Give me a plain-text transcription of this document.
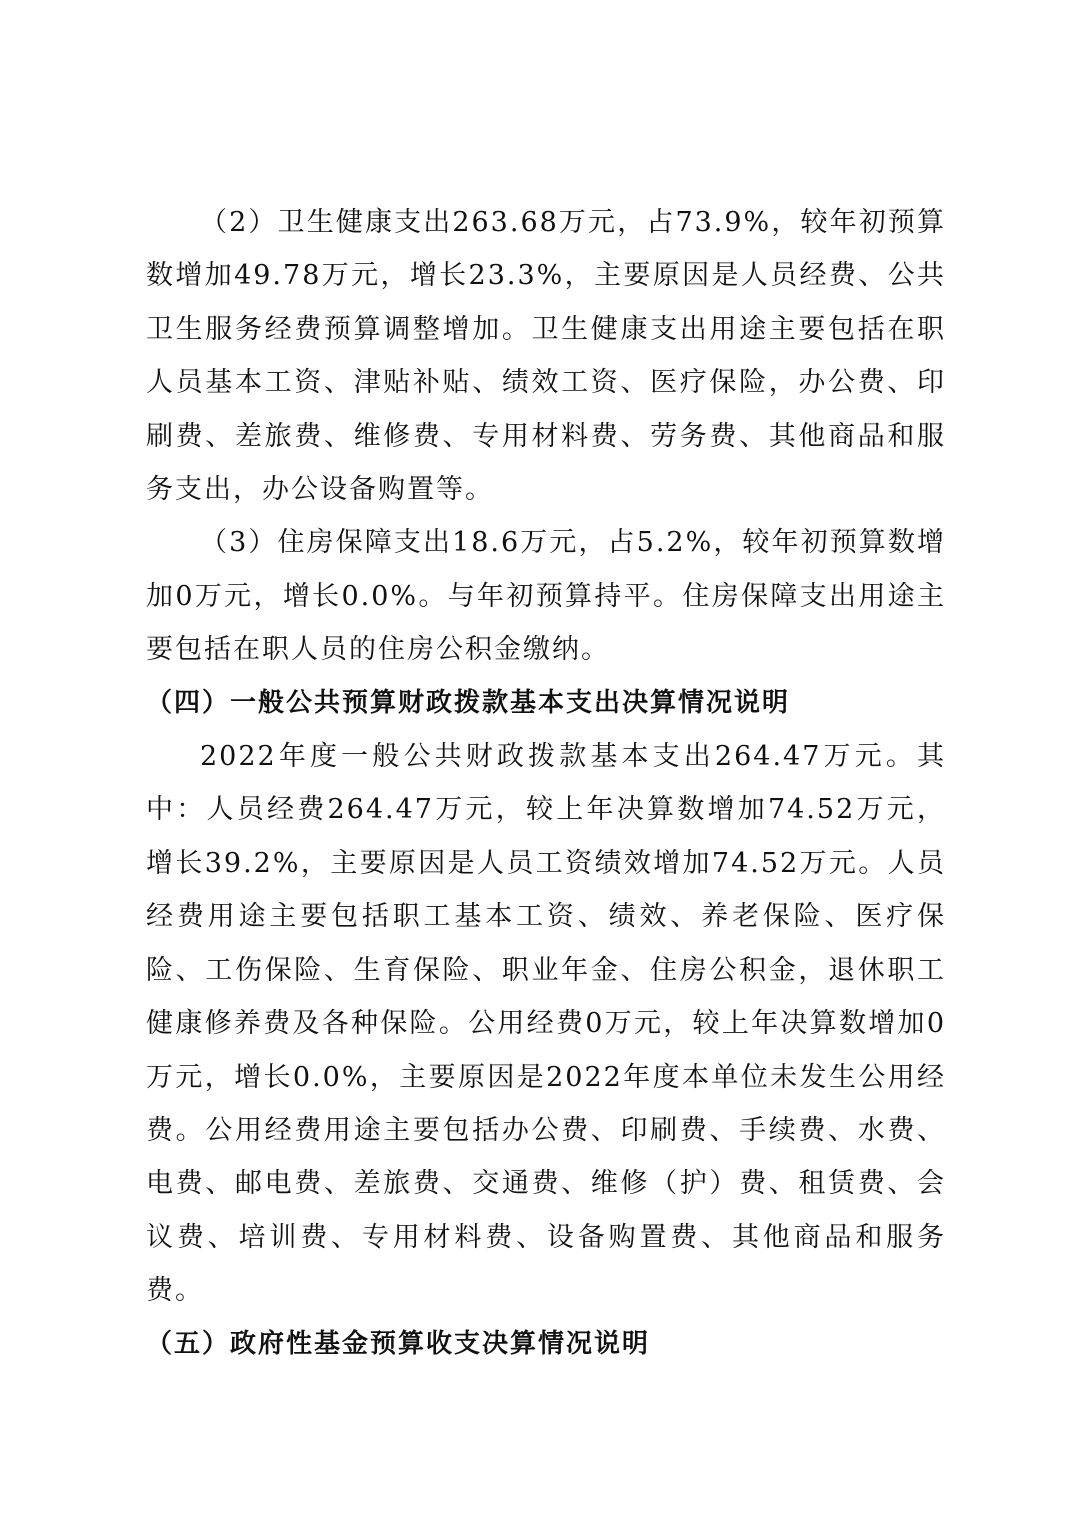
（2）卫生健康支出263.68万元，占73.9%，较年初预算数增加49.78万元，增长23.3%，主要原因是人员经费、公共卫生服务经费预算调整增加。卫生健康支出用途主要包括在职人员基本工资、津贴补贴、绩效工资、医疗保险，办公费、印刷费、差旅费、维修费、专用材料费、劳务费、其他商品和服务支出，办公设备购置等。

（3）住房保障支出18.6万元，占5.2%，较年初预算数增加0万元，增长0.0%。与年初预算持平。住房保障支出用途主要包括在职人员的住房公积金缴纳。

（四）一般公共预算财政拨款基本支出决算情况说明

2022年度一般公共财政拨款基本支出264.47万元。其中：人员经费264.47万元，较上年决算数增加74.52万元，增长39.2%，主要原因是人员工资绩效增加74.52万元。人员经费用途主要包括职工基本工资、绩效、养老保险、医疗保险、工伤保险、生育保险、职业年金、住房公积金，退休职工健康修养费及各种保险。公用经费0万元，较上年决算数增加0万元，增长0.0%，主要原因是2022年度本单位未发生公用经费。公用经费用途主要包括办公费、印刷费、手续费、水费、电费、邮电费、差旅费、交通费、维修（护）费、租赁费、会议费、培训费、专用材料费、设备购置费、其他商品和服务费。

（五）政府性基金预算收支决算情况说明
